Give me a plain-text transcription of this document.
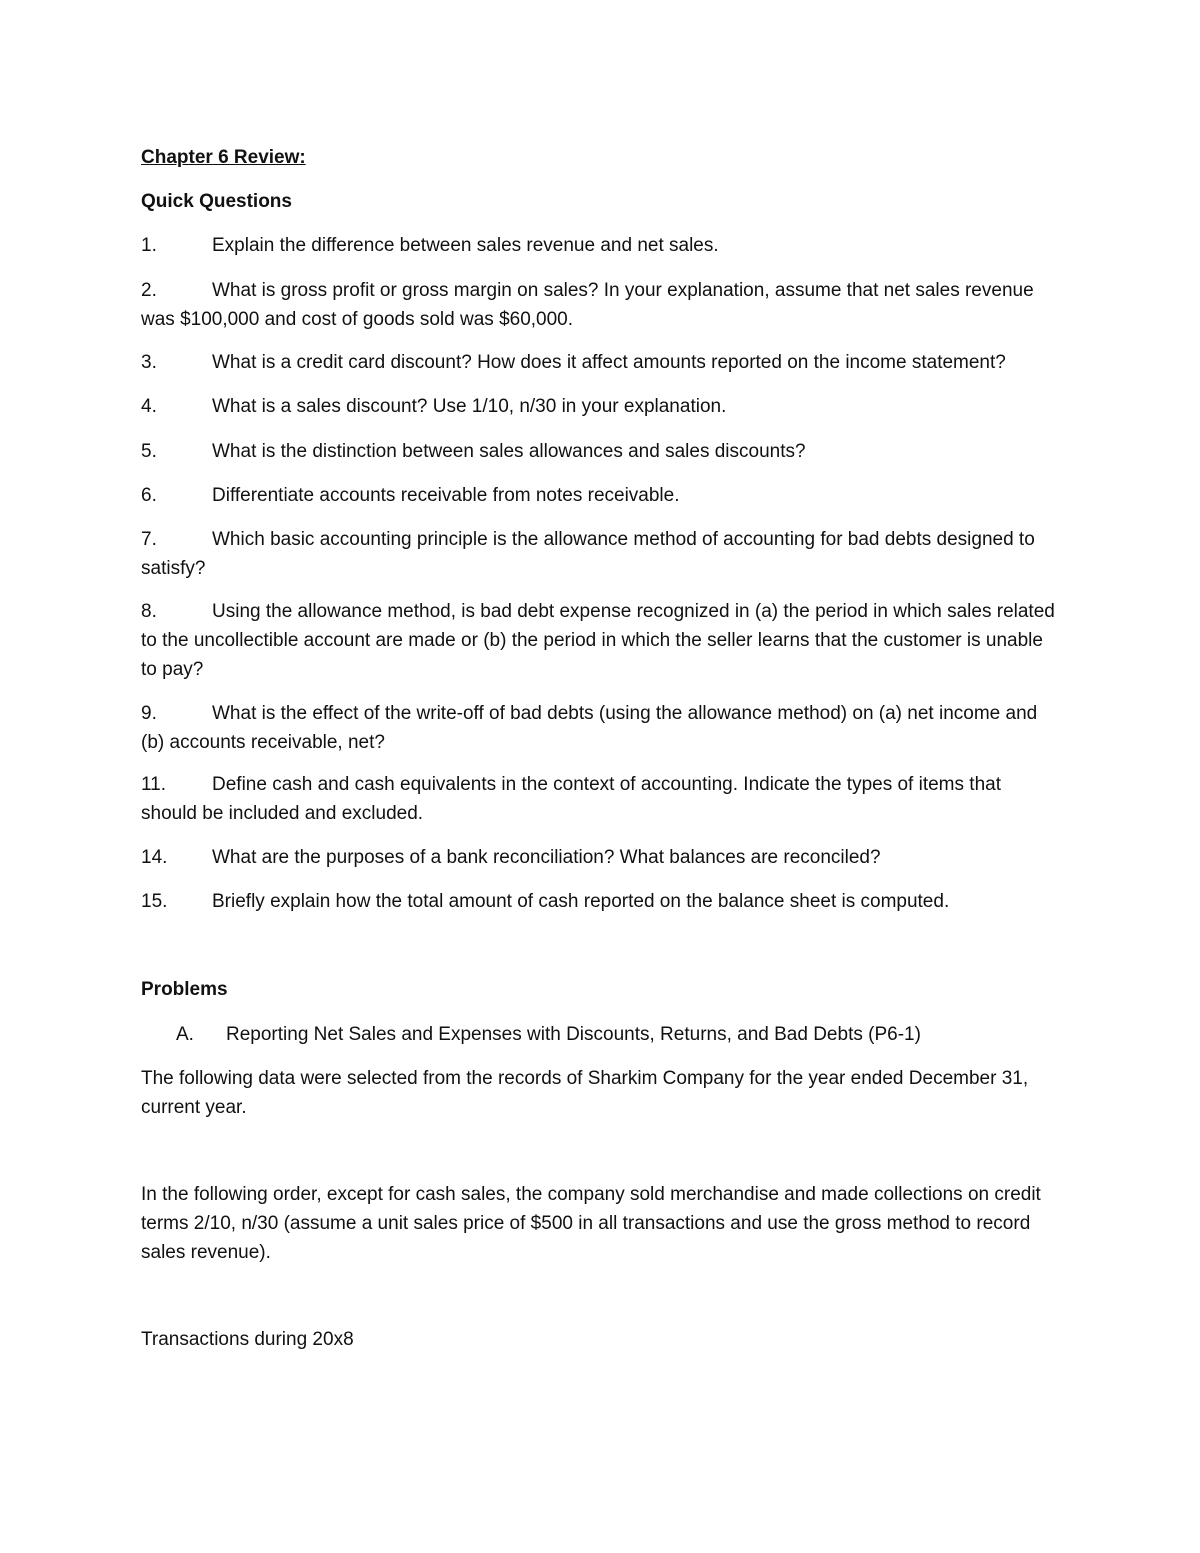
Chapter 6 Review:

Quick Questions

1.	Explain the difference between sales revenue and net sales.

2.	What is gross profit or gross margin on sales? In your explanation, assume that net sales revenue was $100,000 and cost of goods sold was $60,000.

3.	What is a credit card discount? How does it affect amounts reported on the income statement?

4.	What is a sales discount? Use 1/10, n/30 in your explanation.

5.	What is the distinction between sales allowances and sales discounts?

6.	Differentiate accounts receivable from notes receivable.

7.	Which basic accounting principle is the allowance method of accounting for bad debts designed to satisfy?

8.	Using the allowance method, is bad debt expense recognized in (a) the period in which sales related to the uncollectible account are made or (b) the period in which the seller learns that the customer is unable to pay?

9.	What is the effect of the write-off of bad debts (using the allowance method) on (a) net income and (b) accounts receivable, net?

11. Define cash and cash equivalents in the context of accounting. Indicate the types of items that should be included and excluded.

14. What are the purposes of a bank reconciliation? What balances are reconciled?

15. Briefly explain how the total amount of cash reported on the balance sheet is computed.

Problems

A. Reporting Net Sales and Expenses with Discounts, Returns, and Bad Debts (P6-1)

The following data were selected from the records of Sharkim Company for the year ended December 31, current year.

In the following order, except for cash sales, the company sold merchandise and made collections on credit terms 2/10, n/30 (assume a unit sales price of $500 in all transactions and use the gross method to record sales revenue).

Transactions during 20x8
